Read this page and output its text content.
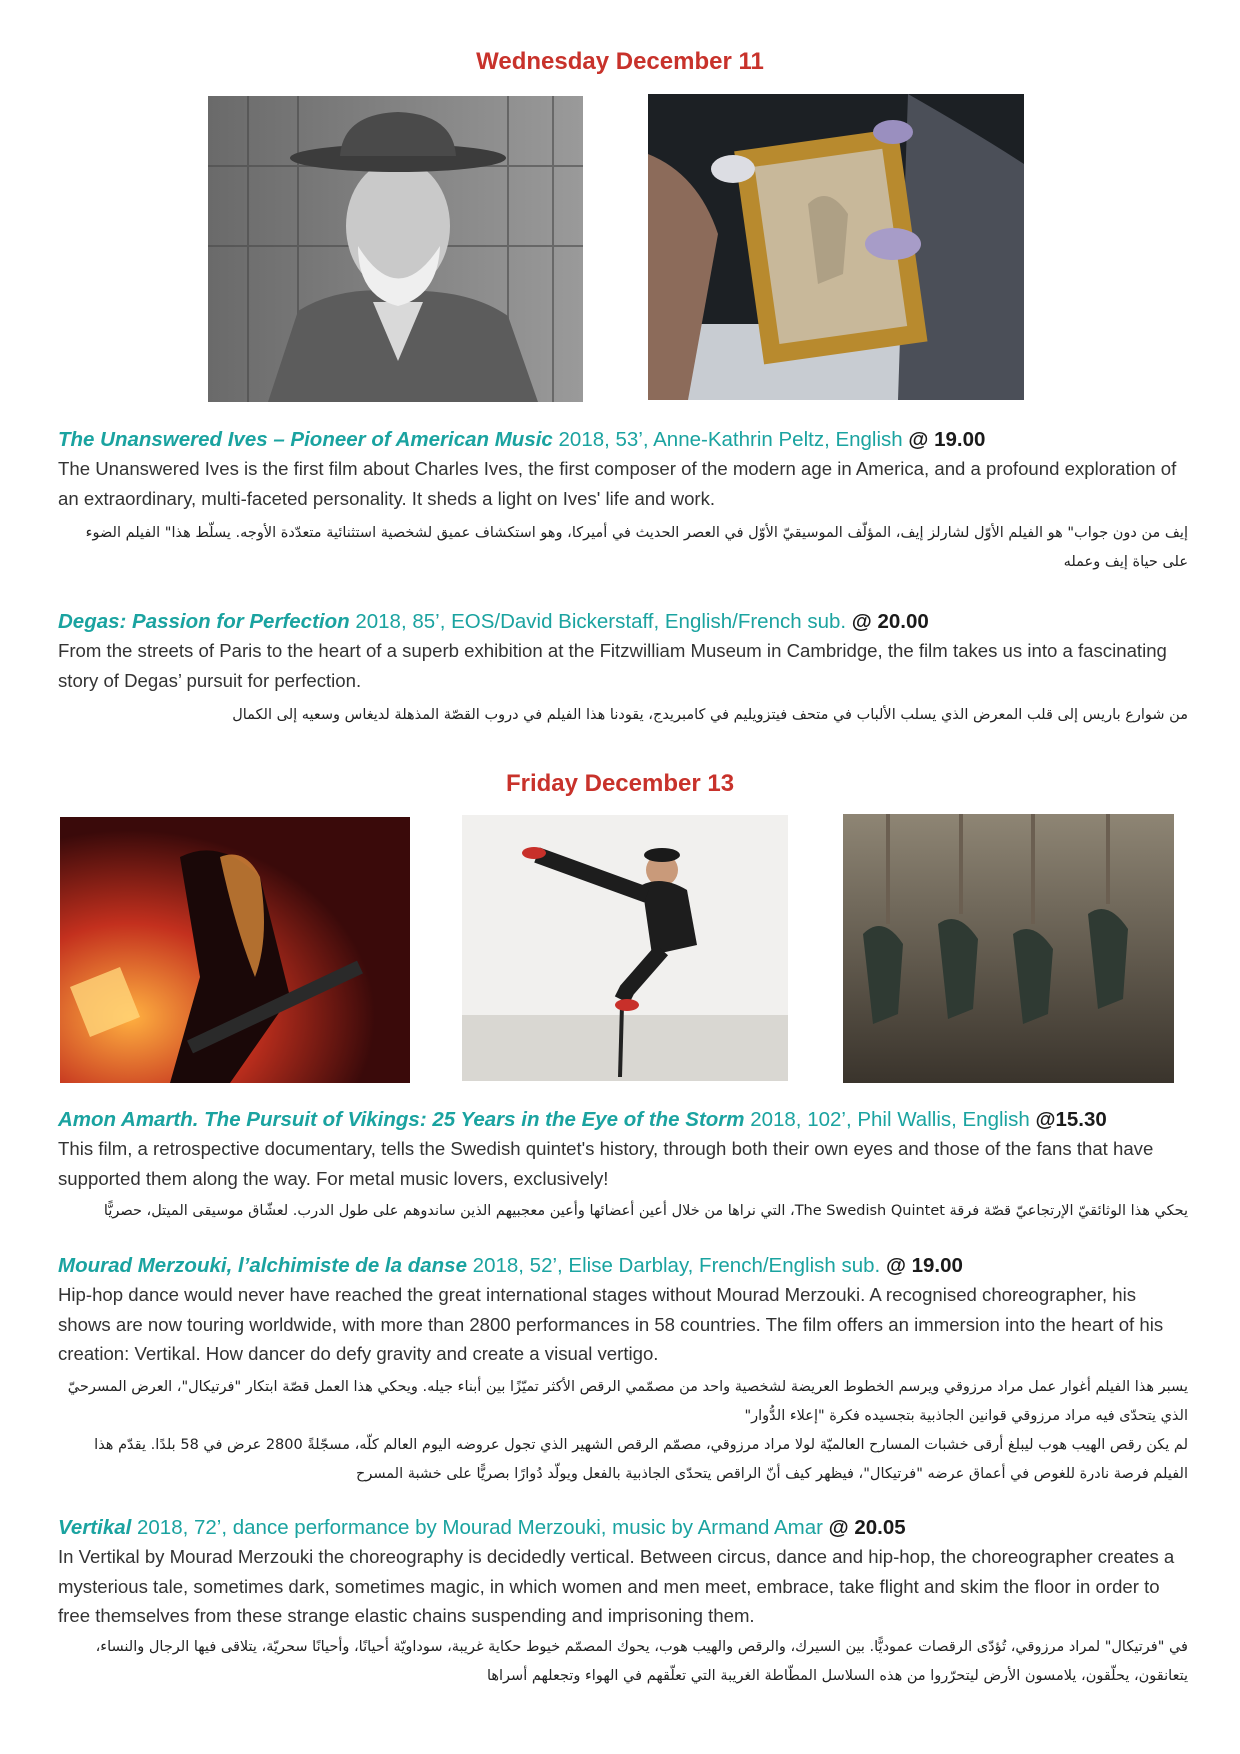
Wednesday December 11
The Unanswered Ives – Pioneer of American Music 2018, 53’, Anne-Kathrin Peltz, English @ 19.00

The Unanswered Ives is the first film about Charles Ives, the first composer of the modern age in America, and a profound exploration of an extraordinary, multi-faceted personality. It sheds a light on Ives' life and work.

إيف من دون جواب" هو الفيلم الأوّل لشارلز إيف، المؤلّف الموسيقيّ الأوّل في العصر الحديث في أميركا، وهو استكشاف عميق لشخصية استثنائية متعدّدة الأوجه. يسلّط هذا" الفيلم الضوء على حياة إيف وعمله

Degas: Passion for Perfection 2018, 85’, EOS/David Bickerstaff, English/French sub. @ 20.00

From the streets of Paris to the heart of a superb exhibition at the Fitzwilliam Museum in Cambridge, the film takes us into a fascinating story of Degas’ pursuit for perfection.

من شوارع باريس إلى قلب المعرض الذي يسلب الألباب في متحف فيتزويليم في كامبريدج، يقودنا هذا الفيلم في دروب القصّة المذهلة لديغاس وسعيه إلى الكمال

Friday December 13
Amon Amarth. The Pursuit of Vikings: 25 Years in the Eye of the Storm 2018, 102’, Phil Wallis, English @15.30

This film, a retrospective documentary, tells the Swedish quintet's history, through both their own eyes and those of the fans that have supported them along the way. For metal music lovers, exclusively!

يحكي هذا الوثائقيّ الإرتجاعيّ قصّة فرقة The Swedish Quintet، التي نراها من خلال أعين أعضائها وأعين معجبيهم الذين ساندوهم على طول الدرب. لعشّاق موسيقى الميتل، حصريًّا

Mourad Merzouki, l’alchimiste de la danse 2018, 52’, Elise Darblay, French/English sub. @ 19.00

Hip-hop dance would never have reached the great international stages without Mourad Merzouki. A recognised choreographer, his shows are now touring worldwide, with more than 2800 performances in 58 countries. The film offers an immersion into the heart of his creation: Vertikal. How dancer do defy gravity and create a visual vertigo.

يسبر هذا الفيلم أغوار عمل مراد مرزوقي ويرسم الخطوط العريضة لشخصية واحد من مصمّمي الرقص الأكثر تميّزًا بين أبناء جيله. ويحكي هذا العمل قصّة ابتكار "فرتيكال"، العرض المسرحيّ الذي يتحدّى فيه مراد مرزوقي قوانين الجاذبية بتجسيده فكرة "إعلاء الدُّوار"

لم يكن رقص الهيب هوب ليبلغ أرقى خشبات المسارح العالميّة لولا مراد مرزوقي، مصمّم الرقص الشهير الذي تجول عروضه اليوم العالم كلّه، مسجّلةً 2800 عرض في 58 بلدًا. يقدّم هذا الفيلم فرصة نادرة للغوص في أعماق عرضه "فرتيكال"، فيظهر كيف أنّ الراقص يتحدّى الجاذبية بالفعل ويولّد دُوارًا بصريًّا على خشبة المسرح

Vertikal 2018, 72’, dance performance by Mourad Merzouki, music by Armand Amar @ 20.05

In Vertikal by Mourad Merzouki the choreography is decidedly vertical. Between circus, dance and hip-hop, the choreographer creates a mysterious tale, sometimes dark, sometimes magic, in which women and men meet, embrace, take flight and skim the floor in order to free themselves from these strange elastic chains suspending and imprisoning them.

في "فرتيكال" لمراد مرزوقي، تُؤدّى الرقصات عموديًّا. بين السيرك، والرقص والهيب هوب، يحوك المصمّم خيوط حكاية غريبة، سوداويّة أحيانًا، وأحيانًا سحريّة، يتلاقى فيها الرجال والنساء، يتعانقون، يحلّقون، يلامسون الأرض ليتحرّروا من هذه السلاسل المطّاطة الغريبة التي تعلّقهم في الهواء وتجعلهم أسراها
